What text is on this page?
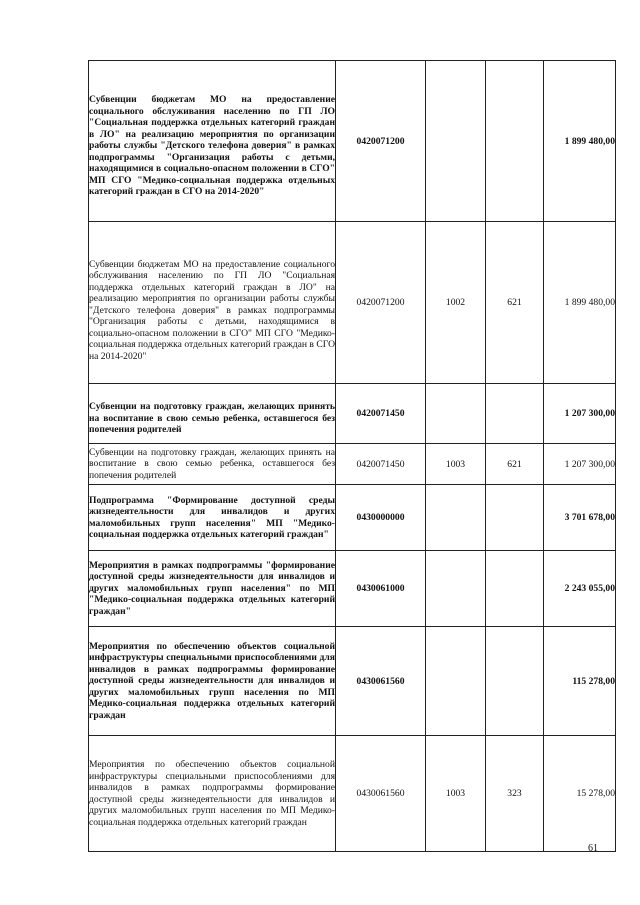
Субвенции бюджетам МО на предоставление социального обслуживания населению по ГП ЛО "Социальная поддержка отдельных категорий граждан в ЛО" на реализацию мероприятия по организации работы службы "Детского телефона доверия" в рамках подпрограммы "Организация работы с детьми, находящимися в социально-опасном положении в СГО" МП СГО "Медико-социальная поддержка отдельных категорий граждан в СГО на 2014-2020"	0420071200			1 899 480,00

Субвенции бюджетам МО на предоставление социального обслуживания населению по ГП ЛО "Социальная поддержка отдельных категорий граждан в ЛО" на реализацию мероприятия по организации работы службы "Детского телефона доверия" в рамках подпрограммы "Организация работы с детьми, находящимися в социально-опасном положении в СГО" МП СГО "Медико-социальная поддержка отдельных категорий граждан в СГО на 2014-2020"	0420071200	1002	621	1 899 480,00

Субвенции на подготовку граждан, желающих принять на воспитание в свою семью ребенка, оставшегося без попечения родителей	0420071450			1 207 300,00

Субвенции на подготовку граждан, желающих принять на воспитание в свою семью ребенка, оставшегося без попечения родителей	0420071450	1003	621	1 207 300,00

Подпрограмма "Формирование доступной среды жизнедеятельности для инвалидов и других маломобильных групп населения" МП "Медико-социальная поддержка отдельных категорий граждан"	0430000000			3 701 678,00

Мероприятия в рамках подпрограммы "формирование доступной среды жизнедеятельности для инвалидов и других маломобильных групп населения" по МП "Медико-социальная поддержка отдельных категорий граждан"	0430061000			2 243 055,00

Мероприятия по обеспечению объектов социальной инфраструктуры специальными приспособлениями для инвалидов в рамках подпрограммы формирование доступной среды жизнедеятельности для инвалидов и других маломобильных групп населения по МП Медико-социальная поддержка отдельных категорий граждан	0430061560			115 278,00

Мероприятия по обеспечению объектов социальной инфраструктуры специальными приспособлениями для инвалидов в рамках подпрограммы формирование доступной среды жизнедеятельности для инвалидов и других маломобильных групп населения по МП Медико-социальная поддержка отдельных категорий граждан	0430061560	1003	323	15 278,00
61
